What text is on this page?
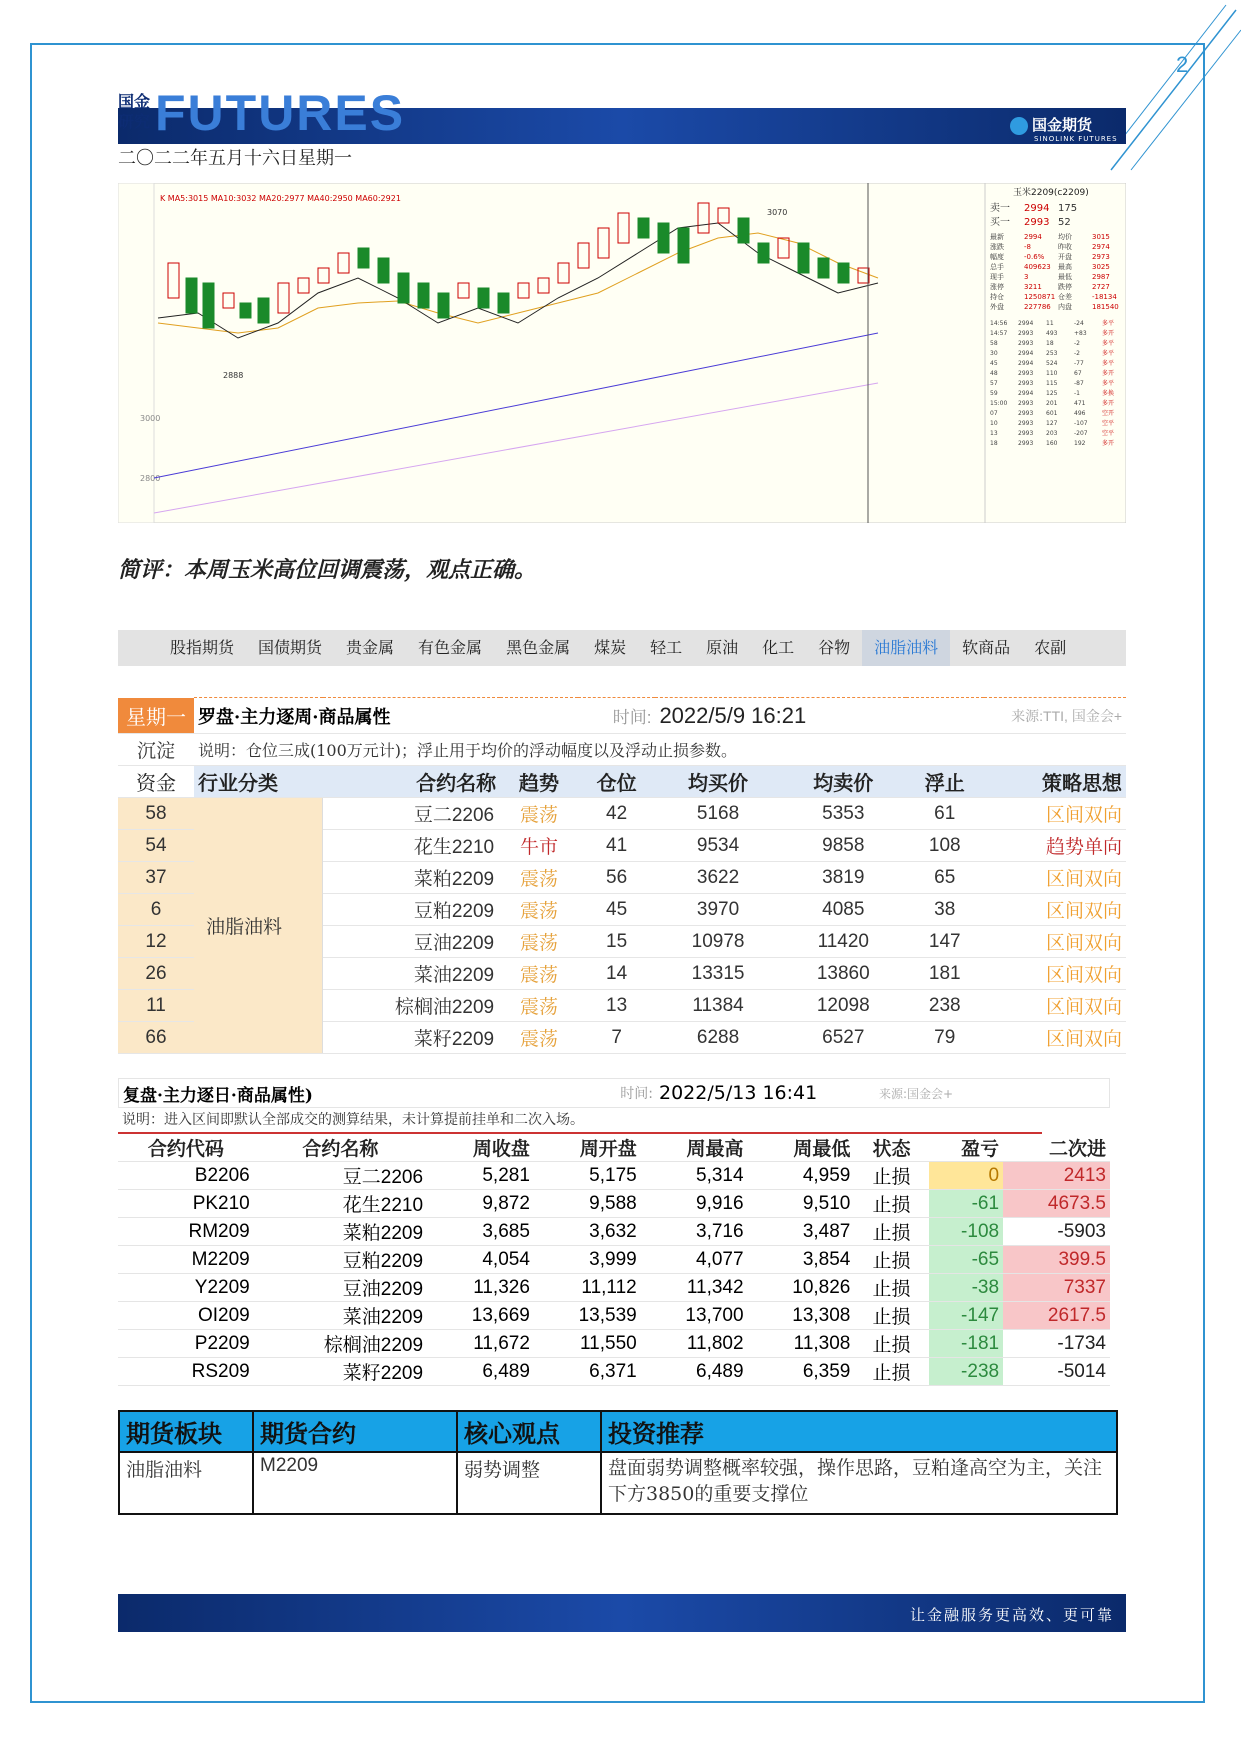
2
国金期货
SINOLINK FUTURES
国金
研究 FUTURES
二〇二二年五月十六日星期一
K MA5:3015 MA10:3032 MA20:2977 MA40:2950 MA60:2921
3000
2800
3070
2888
玉米2209(c2209)
卖一 2994 175
买一 2993 52
最新	2994 均价	3015
涨跌	-8	昨收	2974
幅度	-0.6% 开盘	2973
总手	409623 最高	3025
现手	3	最低	2987
涨停	3211 跌停	2727
持仓	1250871 仓差	-18134
外盘	227786 内盘	181540
14:56 2994 11	-24	多平
14:57 2993 493	+83	多开
58	2993 18	-2	多平
30	2994 253	-2	多平
45	2994 524	-77	多平
48	2993 110	67	多开
57	2993 115	-87	多平
59	2994 125	-1	多换
15:00 2993 201	471	多开
07	2993 601	496	空开
10	2993 127	-107 空平
13	2993 203	-207 空平
18	2993 160	192	多开
简评：本周玉米高位回调震荡，观点正确。
股指期货	国债期货	贵金属	有色金属	黑色金属	煤炭	轻工	原油	化工	谷物	油脂油料	软商品	农副
星期一	罗盘·主力逐周·商品属性			时间:	2022/5/9 16:21		来源:TTI, 国金会+	
沉淀	说明：仓位三成(100万元计)；浮止用于均价的浮动幅度以及浮动止损参数。							
资金	行业分类	合约名称	趋势	仓位	均买价	均卖价	浮止	策略思想
58	油脂油料	豆二2206	震荡	42	5168	5353	61	区间双向
54		花生2210	牛市	41	9534	9858	108	趋势单向
37		菜粕2209	震荡	56	3622	3819	65	区间双向
6		豆粕2209	震荡	45	3970	4085	38	区间双向
12		豆油2209	震荡	15	10978	11420	147	区间双向
26		菜油2209	震荡	14	13315	13860	181	区间双向
11		棕榈油2209	震荡	13	11384	12098	238	区间双向
66		菜籽2209	震荡	7	6288	6527	79	区间双向
复盘·主力逐日·商品属性)	时间: 2022/5/13 16:41	来源:国金会+
说明：进入区间即默认全部成交的测算结果，未计算提前挂单和二次入场。
合约代码	合约名称	周收盘	周开盘	周最高	周最低	状态	盈亏	二次进
B2206	豆二2206	5,281	5,175	5,314	4,959	止损	0	2413
PK210	花生2210	9,872	9,588	9,916	9,510	止损	-61	4673.5
RM209	菜粕2209	3,685	3,632	3,716	3,487	止损	-108	-5903
M2209	豆粕2209	4,054	3,999	4,077	3,854	止损	-65	399.5
Y2209	豆油2209	11,326	11,112	11,342	10,826	止损	-38	7337
OI209	菜油2209	13,669	13,539	13,700	13,308	止损	-147	2617.5
P2209	棕榈油2209	11,672	11,550	11,802	11,308	止损	-181	-1734
RS209	菜籽2209	6,489	6,371	6,489	6,359	止损	-238	-5014
期货板块	期货合约	核心观点	投资推荐
油脂油料	M2209	弱势调整	盘面弱势调整概率较强，操作思路，豆粕逢高空为主，关注下方3850的重要支撑位
让金融服务更高效、更可靠
